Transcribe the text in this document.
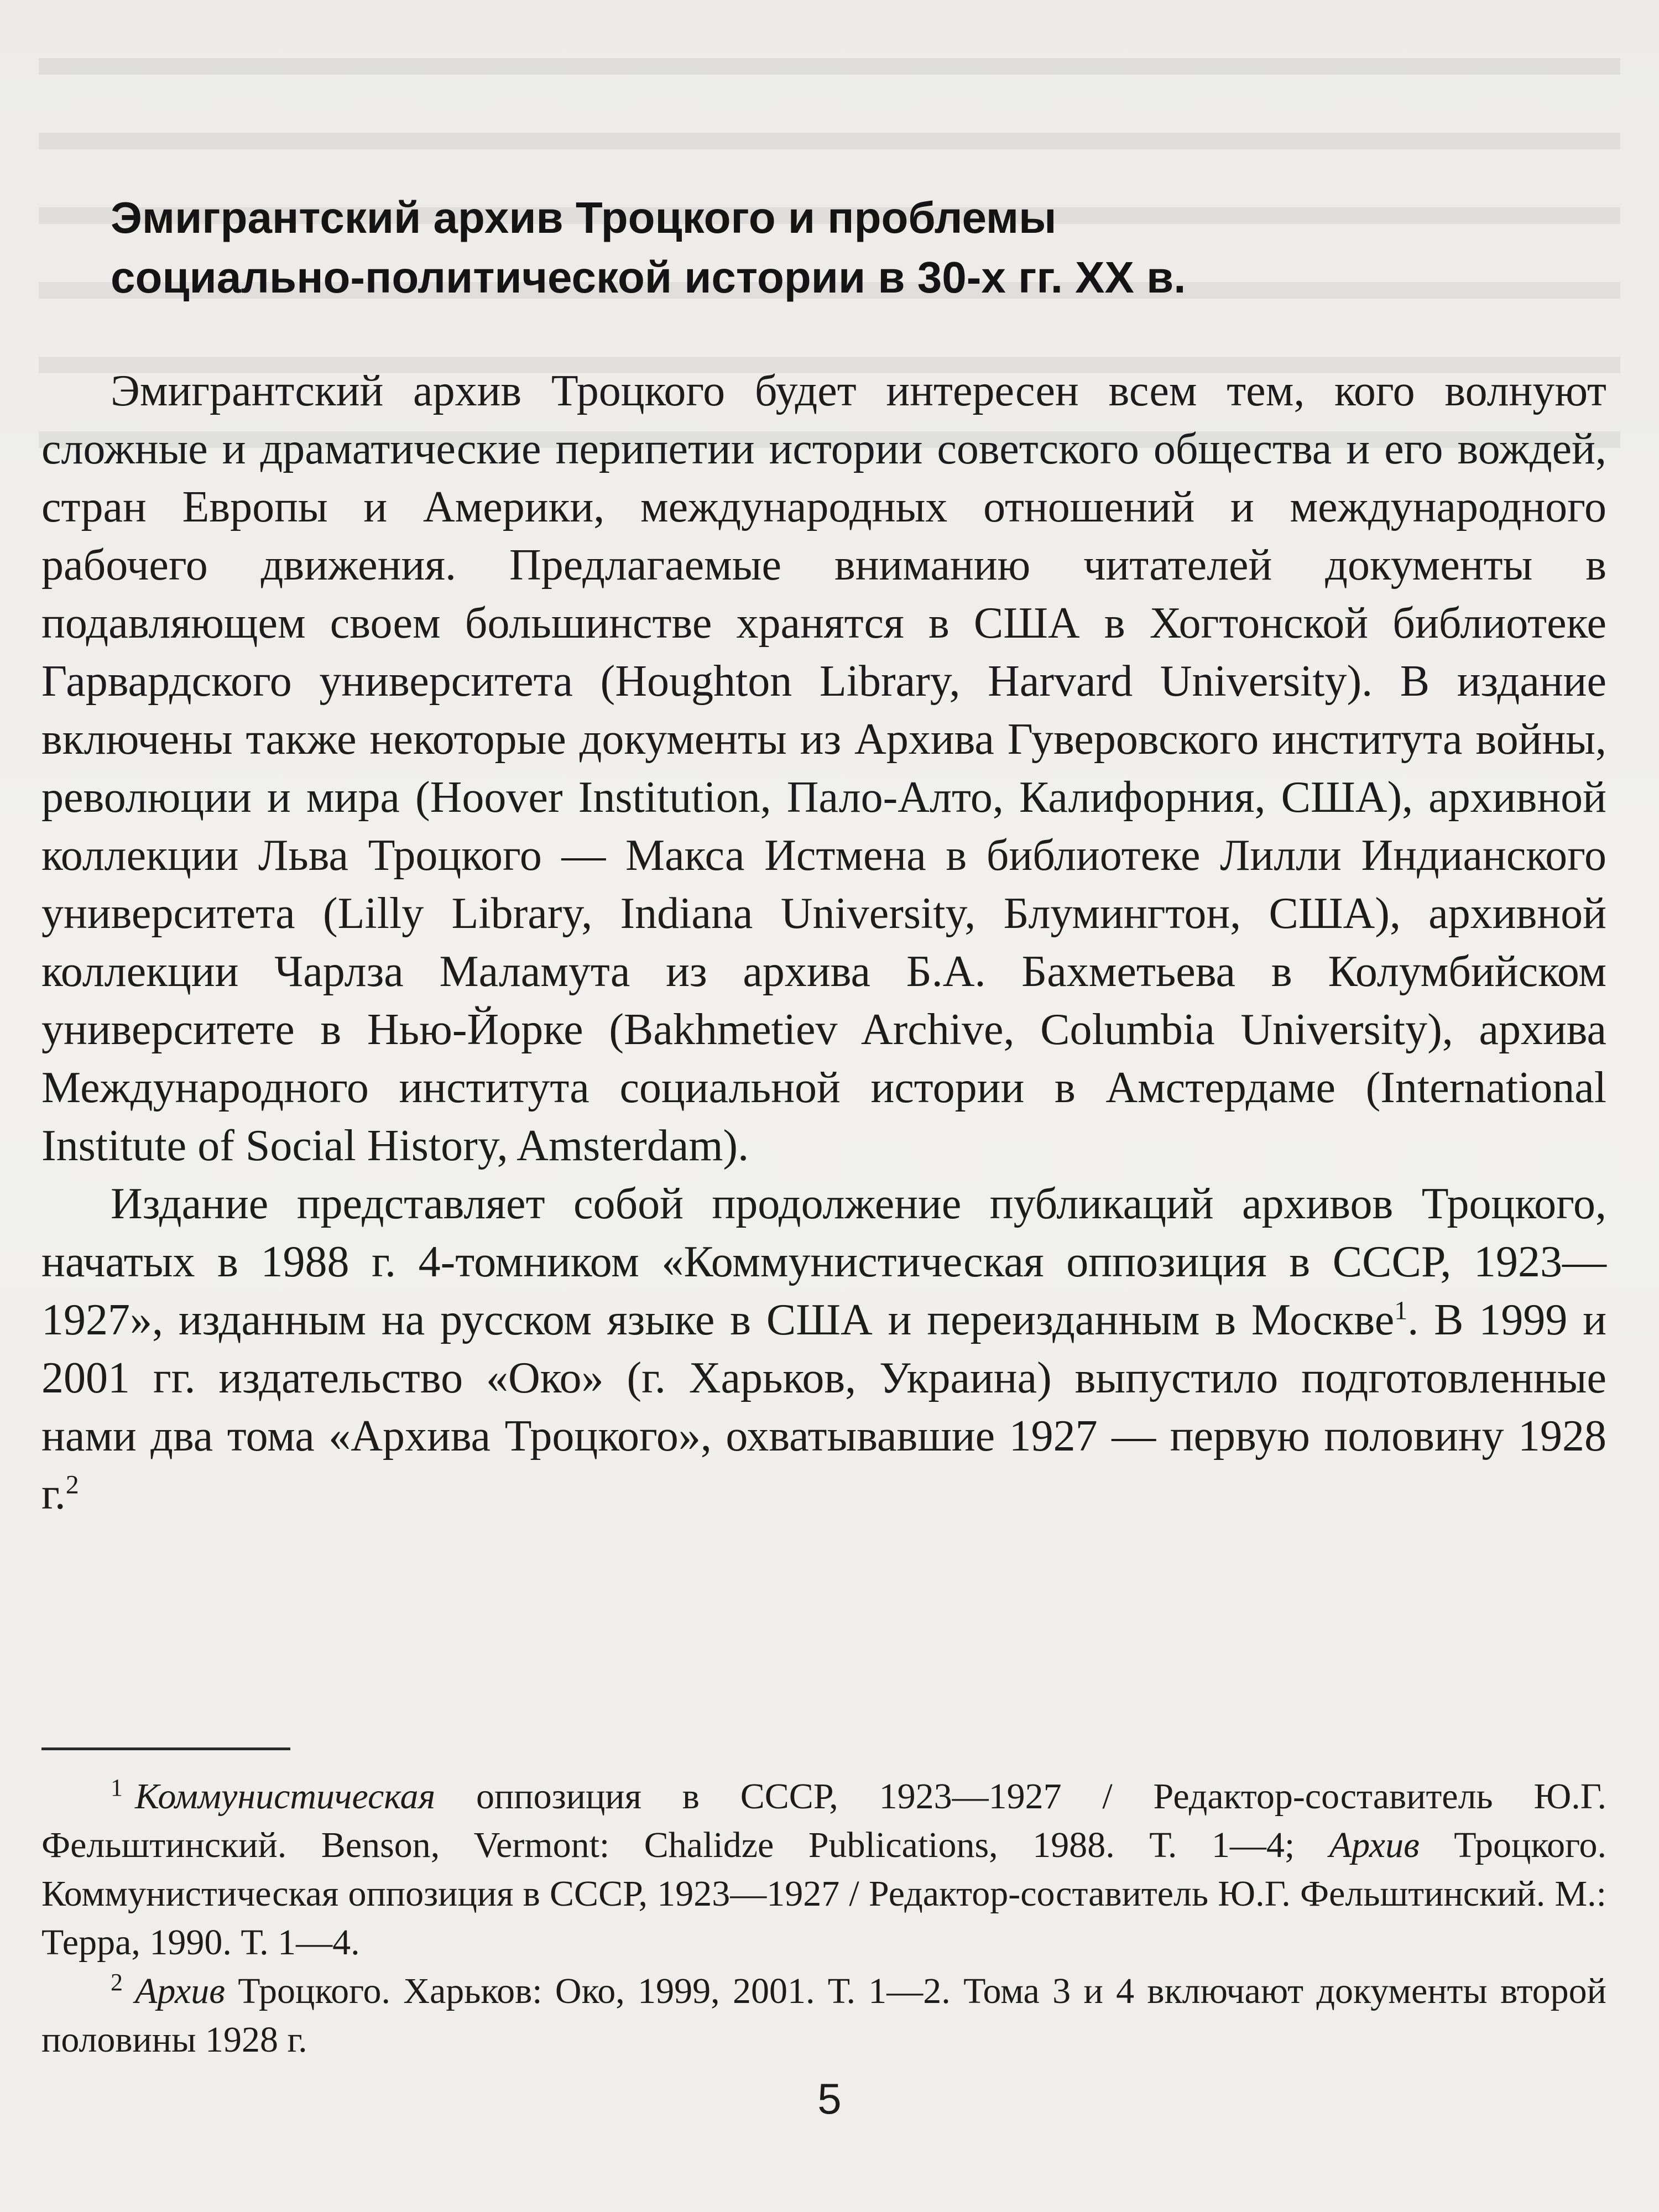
Эмигрантский архив Троцкого и проблемы
социально-политической истории в 30-х гг. XX в.

Эмигрантский архив Троцкого будет интересен всем тем, кого волнуют сложные и драматические перипетии истории советского общества и его вождей, стран Европы и Америки, международных отношений и международного рабочего движения. Предлагаемые вниманию читателей документы в подавляющем своем большинстве хранятся в США в Хогтонской библиотеке Гарвардского университета (Houghton Library, Harvard University). В издание включены также некоторые документы из Архива Гуверовского института войны, революции и мира (Hoover Institution, Пало-Алто, Калифорния, США), архивной коллекции Льва Троцкого — Макса Истмена в библиотеке Лилли Индианского университета (Lilly Library, Indiana University, Блумингтон, США), архивной коллекции Чарлза Маламута из архива Б.А. Бахметьева в Колумбийском университете в Нью-Йорке (Bakhmetiev Archive, Columbia University), архива Международного института социальной истории в Амстердаме (International Institute of Social History, Amsterdam).

Издание представляет собой продолжение публикаций архивов Троцкого, начатых в 1988 г. 4-томником «Коммунистическая оппозиция в СССР, 1923—1927», изданным на русском языке в США и переизданным в Москве$^1$. В 1999 и 2001 гг. издательство «Око» (г. Харьков, Украина) выпустило подготовленные нами два тома «Архива Троцкого», охватывавшие 1927 — первую половину 1928 г.$^2$

$^1$ Коммунистическая оппозиция в СССР, 1923—1927 / Редактор-составитель Ю.Г. Фельштинский. Benson, Vermont: Chalidze Publications, 1988. Т. 1—4; Архив Троцкого. Коммунистическая оппозиция в СССР, 1923—1927 / Редактор-составитель Ю.Г. Фельштинский. М.: Терра, 1990. Т. 1—4.

$^2$ Архив Троцкого. Харьков: Око, 1999, 2001. Т. 1—2. Тома 3 и 4 включают документы второй половины 1928 г.

5
